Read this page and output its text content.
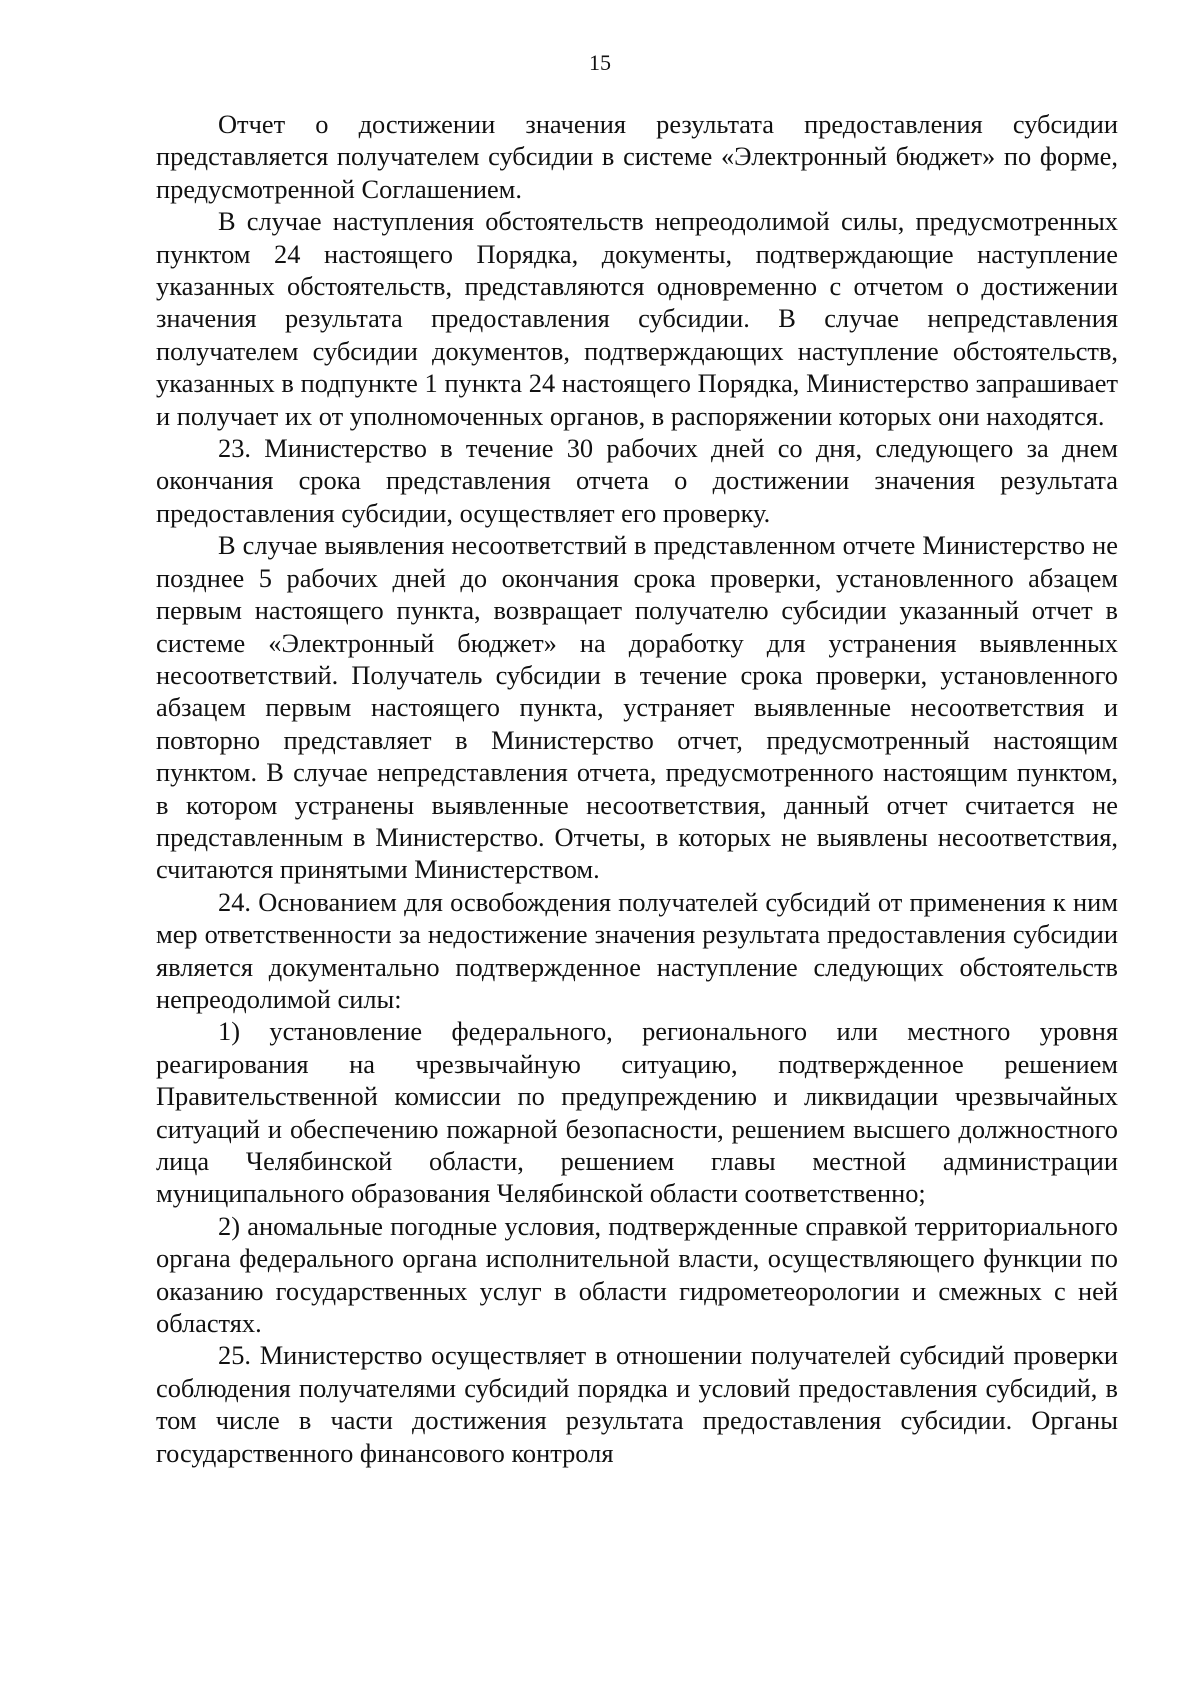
15

Отчет о достижении значения результата предоставления субсидии представляется получателем субсидии в системе «Электронный бюджет» по форме, предусмотренной Соглашением.

В случае наступления обстоятельств непреодолимой силы, предусмотренных пунктом 24 настоящего Порядка, документы, подтверждающие наступление указанных обстоятельств, представляются одновременно с отчетом о достижении значения результата предоставления субсидии. В случае непредставления получателем субсидии документов, подтверждающих наступление обстоятельств, указанных в подпункте 1 пункта 24 настоящего Порядка, Министерство запрашивает и получает их от уполномоченных органов, в распоряжении которых они находятся.

23. Министерство в течение 30 рабочих дней со дня, следующего за днем окончания срока представления отчета о достижении значения результата предоставления субсидии, осуществляет его проверку.

В случае выявления несоответствий в представленном отчете Министерство не позднее 5 рабочих дней до окончания срока проверки, установленного абзацем первым настоящего пункта, возвращает получателю субсидии указанный отчет в системе «Электронный бюджет» на доработку для устранения выявленных несоответствий. Получатель субсидии в течение срока проверки, установленного абзацем первым настоящего пункта, устраняет выявленные несоответствия и повторно представляет в Министерство отчет, предусмотренный настоящим пунктом. В случае непредставления отчета, предусмотренного настоящим пунктом, в котором устранены выявленные несоответствия, данный отчет считается не представленным в Министерство. Отчеты, в которых не выявлены несоответствия, считаются принятыми Министерством.

24. Основанием для освобождения получателей субсидий от применения к ним мер ответственности за недостижение значения результата предоставления субсидии является документально подтвержденное наступление следующих обстоятельств непреодолимой силы:

1) установление федерального, регионального или местного уровня реагирования на чрезвычайную ситуацию, подтвержденное решением Правительственной комиссии по предупреждению и ликвидации чрезвычайных ситуаций и обеспечению пожарной безопасности, решением высшего должностного лица Челябинской области, решением главы местной администрации муниципального образования Челябинской области соответственно;

2) аномальные погодные условия, подтвержденные справкой территориального органа федерального органа исполнительной власти, осуществляющего функции по оказанию государственных услуг в области гидрометеорологии и смежных с ней областях.

25. Министерство осуществляет в отношении получателей субсидий проверки соблюдения получателями субсидий порядка и условий предоставления субсидий, в том числе в части достижения результата предоставления субсидии. Органы государственного финансового контроля
